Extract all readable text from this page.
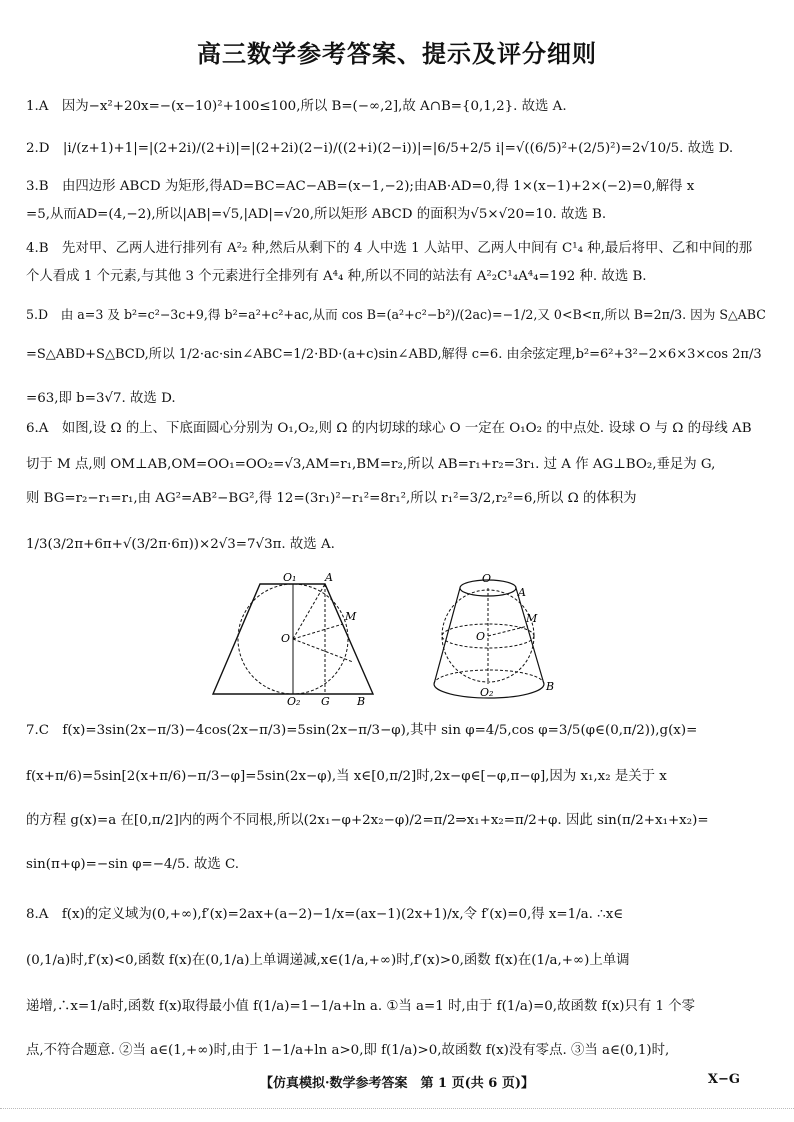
高三数学参考答案、提示及评分细则
1.A　因为−x²+20x=−(x−10)²+100≤100,所以 B=(−∞,2],故 A∩B={0,1,2}. 故选 A.
2.D　|i/(z+1)+1|=|(2+2i)/(2+i)|=|(2+2i)(2−i)/((2+i)(2−i))|=|6/5+2/5 i|=√((6/5)²+(2/5)²)=2√10/5. 故选 D.
3.B　由四边形 ABCD 为矩形,得AD=BC=AC−AB=(x−1,−2);由AB·AD=0,得 1×(x−1)+2×(−2)=0,解得 x
=5,从而AD=(4,−2),所以|AB|=√5,|AD|=√20,所以矩形 ABCD 的面积为√5×√20=10. 故选 B.
4.B　先对甲、乙两人进行排列有 A²₂ 种,然后从剩下的 4 人中选 1 人站甲、乙两人中间有 C¹₄ 种,最后将甲、乙和中间的那
个人看成 1 个元素,与其他 3 个元素进行全排列有 A⁴₄ 种,所以不同的站法有 A²₂C¹₄A⁴₄=192 种. 故选 B.
5.D　由 a=3 及 b²=c²−3c+9,得 b²=a²+c²+ac,从而 cos B=(a²+c²−b²)/(2ac)=−1/2,又 0<B<π,所以 B=2π/3. 因为 S△ABC
=S△ABD+S△BCD,所以 1/2·ac·sin∠ABC=1/2·BD·(a+c)sin∠ABD,解得 c=6. 由余弦定理,b²=6²+3²−2×6×3×cos 2π/3
=63,即 b=3√7. 故选 D.
6.A　如图,设 Ω 的上、下底面圆心分别为 O₁,O₂,则 Ω 的内切球的球心 O 一定在 O₁O₂ 的中点处. 设球 O 与 Ω 的母线 AB
切于 M 点,则 OM⊥AB,OM=OO₁=OO₂=√3,AM=r₁,BM=r₂,所以 AB=r₁+r₂=3r₁. 过 A 作 AG⊥BO₂,垂足为 G,
则 BG=r₂−r₁=r₁,由 AG²=AB²−BG²,得 12=(3r₁)²−r₁²=8r₁²,所以 r₁²=3/2,r₂²=6,所以 Ω 的体积为
1/3(3/2π+6π+√(3/2π·6π))×2√3=7√3π. 故选 A.
O₁	A
M
O
O₂ G B
O
A
M
O
O₂	B
7.C　f(x)=3sin(2x−π/3)−4cos(2x−π/3)=5sin(2x−π/3−φ),其中 sin φ=4/5,cos φ=3/5(φ∈(0,π/2)),g(x)=
f(x+π/6)=5sin[2(x+π/6)−π/3−φ]=5sin(2x−φ),当 x∈[0,π/2]时,2x−φ∈[−φ,π−φ],因为 x₁,x₂ 是关于 x
的方程 g(x)=a 在[0,π/2]内的两个不同根,所以(2x₁−φ+2x₂−φ)/2=π/2⇒x₁+x₂=π/2+φ. 因此 sin(π/2+x₁+x₂)=
sin(π+φ)=−sin φ=−4/5. 故选 C.
8.A　f(x)的定义域为(0,+∞),f′(x)=2ax+(a−2)−1/x=(ax−1)(2x+1)/x,令 f′(x)=0,得 x=1/a. ∴x∈
(0,1/a)时,f′(x)<0,函数 f(x)在(0,1/a)上单调递减,x∈(1/a,+∞)时,f′(x)>0,函数 f(x)在(1/a,+∞)上单调
递增,∴x=1/a时,函数 f(x)取得最小值 f(1/a)=1−1/a+ln a. ①当 a=1 时,由于 f(1/a)=0,故函数 f(x)只有 1 个零
点,不符合题意. ②当 a∈(1,+∞)时,由于 1−1/a+ln a>0,即 f(1/a)>0,故函数 f(x)没有零点. ③当 a∈(0,1)时,
【仿真模拟·数学参考答案　第 1 页(共 6 页)】	X−G
